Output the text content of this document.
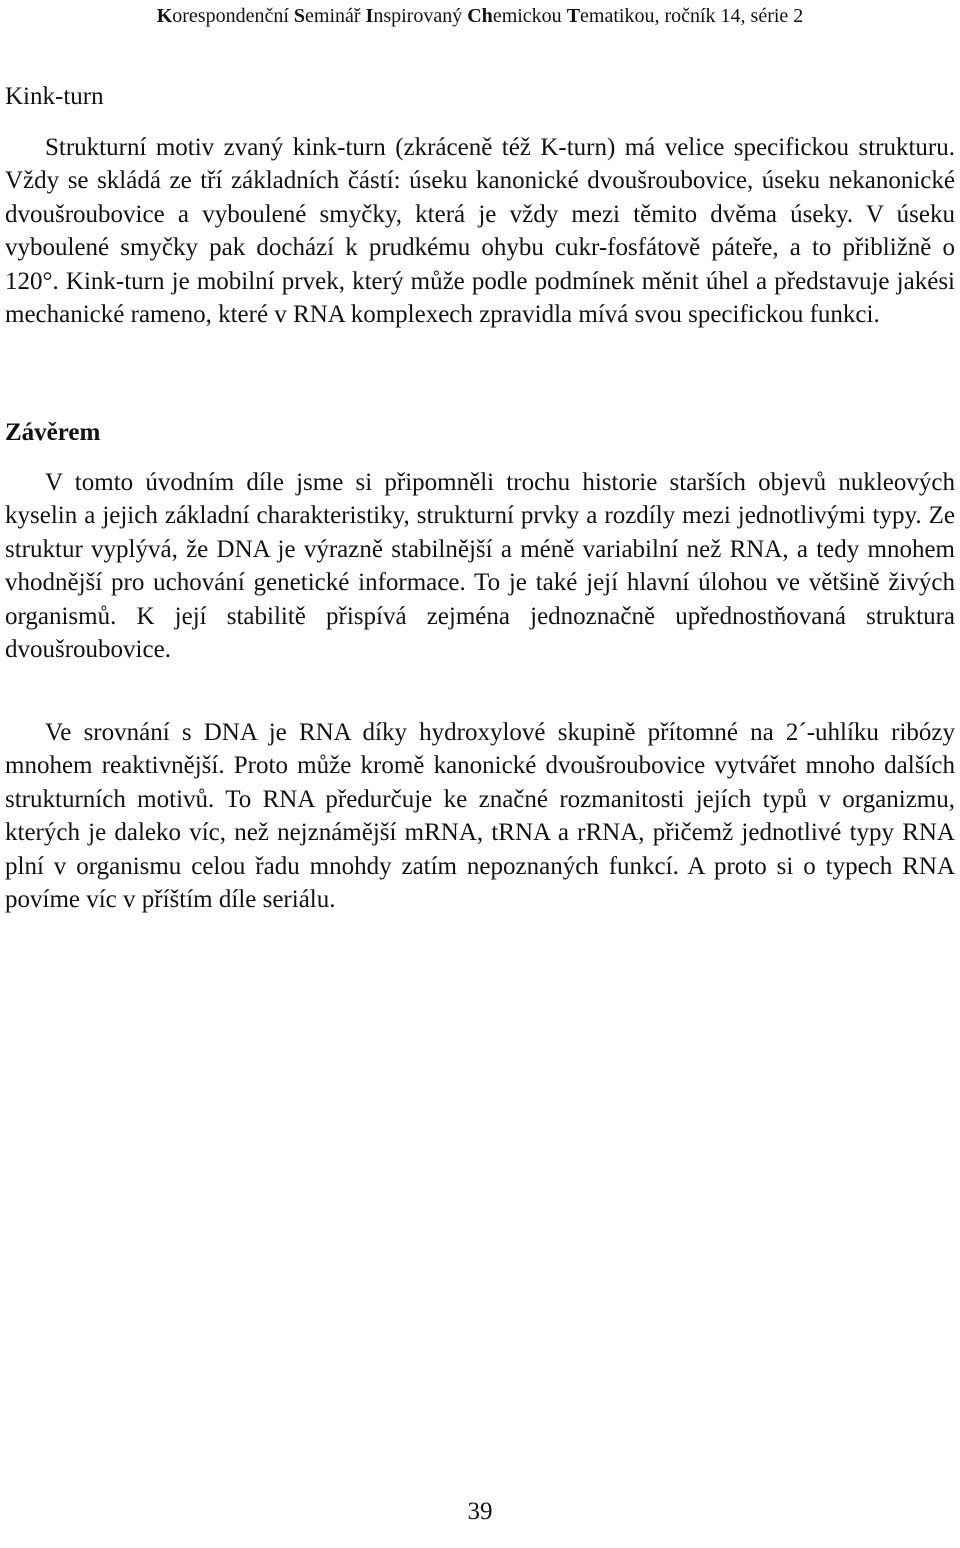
Korespondenční Seminář Inspirovaný Chemickou Tematikou, ročník 14, série 2
Kink-turn

Strukturní motiv zvaný kink-turn (zkráceně též K-turn) má velice specifickou strukturu. Vždy se skládá ze tří základních částí: úseku kanonické dvoušroubovice, úseku nekanonické dvoušroubovice a vyboulené smyčky, která je vždy mezi těmito dvěma úseky. V úseku vyboulené smyčky pak dochází k prudkému ohybu cukr-fosfátově páteře, a to přibližně o 120°. Kink-turn je mobilní prvek, který může podle podmínek měnit úhel a představuje jakési mechanické rameno, které v RNA komplexech zpravidla mívá svou specifickou funkci.

Závěrem

V tomto úvodním díle jsme si připomněli trochu historie starších objevů nukleových kyselin a jejich základní charakteristiky, strukturní prvky a rozdíly mezi jednotlivými typy. Ze struktur vyplývá, že DNA je výrazně stabilnější a méně variabilní než RNA, a tedy mnohem vhodnější pro uchování genetické informace. To je také její hlavní úlohou ve většině živých organismů. K její stabilitě přispívá zejména jednoznačně upřednostňovaná struktura dvoušroubovice.

Ve srovnání s DNA je RNA díky hydroxylové skupině přítomné na 2´-uhlíku ribózy mnohem reaktivnější. Proto může kromě kanonické dvoušroubovice vytvářet mnoho dalších strukturních motivů. To RNA předurčuje ke značné rozmanitosti jejích typů v organizmu, kterých je daleko víc, než nejznámější mRNA, tRNA a rRNA, přičemž jednotlivé typy RNA plní v organismu celou řadu mnohdy zatím nepoznaných funkcí. A proto si o typech RNA povíme víc v příštím díle seriálu.

39
